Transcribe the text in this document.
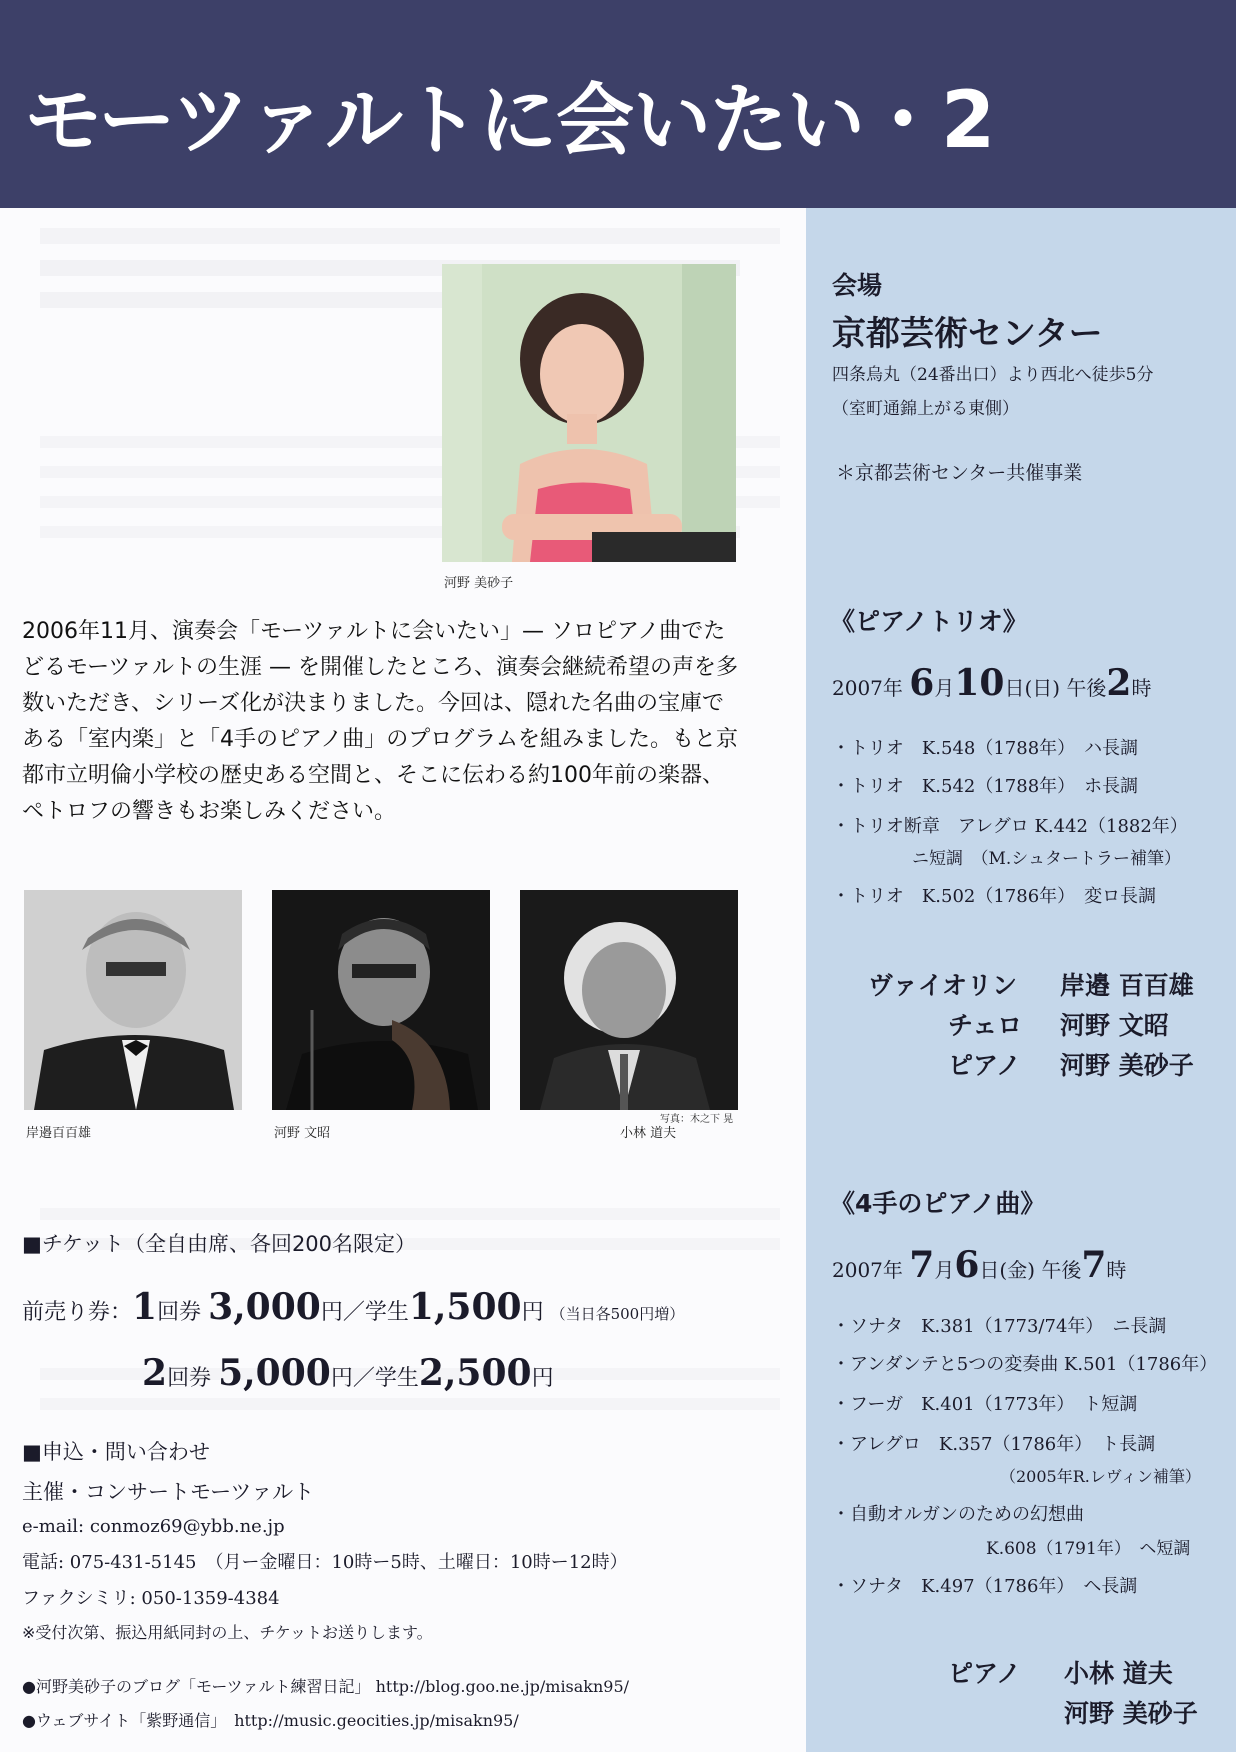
モーツァルトに会いたい・2
河野 美砂子

2006年11月、演奏会「モーツァルトに会いたい」— ソロピアノ曲でたどるモーツァルトの生涯 — を開催したところ、演奏会継続希望の声を多数いただき、シリーズ化が決まりました。今回は、隠れた名曲の宝庫である「室内楽」と「4手のピアノ曲」のプログラムを組みました。もと京都市立明倫小学校の歴史ある空間と、そこに伝わる約100年前の楽器、ペトロフの響きもお楽しみください。

岸邉百百雄	河野 文昭	小林 道夫
写真：木之下 晃
■チケット（全自由席、各回200名限定）
前売り券：1回券 3,000円／学生1,500円 （当日各500円増）
2回券 5,000円／学生2,500円
■申込・問い合わせ
主催・コンサートモーツァルト
e-mail: conmoz69@ybb.ne.jp
電話: 075-431-5145　（月ー金曜日：10時ー5時、土曜日：10時ー12時）
ファクシミリ: 050-1359-4384
※受付次第、振込用紙同封の上、チケットお送りします。
●河野美砂子のブログ「モーツァルト練習日記」 http://blog.goo.ne.jp/misakn95/
●ウェブサイト「紫野通信」　http://music.geocities.jp/misakn95/
会場
京都芸術センター
四条烏丸（24番出口）より西北へ徒歩5分
（室町通錦上がる東側）
＊京都芸術センター共催事業
《ピアノトリオ》
2007年 6月10日(日) 午後2時
・トリオ　K.548（1788年）　ハ長調
・トリオ　K.542（1788年）　ホ長調
・トリオ断章　アレグロ K.442（1882年）
ニ短調　（M.シュタートラー補筆）
・トリオ　K.502（1786年）　変ロ長調
ヴァイオリン 岸邉 百百雄
チェロ 河野 文昭
ピアノ 河野 美砂子
《4手のピアノ曲》
2007年 7月6日(金) 午後7時
・ソナタ　K.381（1773/74年）　ニ長調
・アンダンテと5つの変奏曲 K.501（1786年）
・フーガ　K.401（1773年）　ト短調
・アレグロ　K.357（1786年）　ト長調
（2005年R.レヴィン補筆）
・自動オルガンのための幻想曲
K.608（1791年）　ヘ短調
・ソナタ　K.497（1786年）　ヘ長調
ピアノ 小林 道夫
河野 美砂子
